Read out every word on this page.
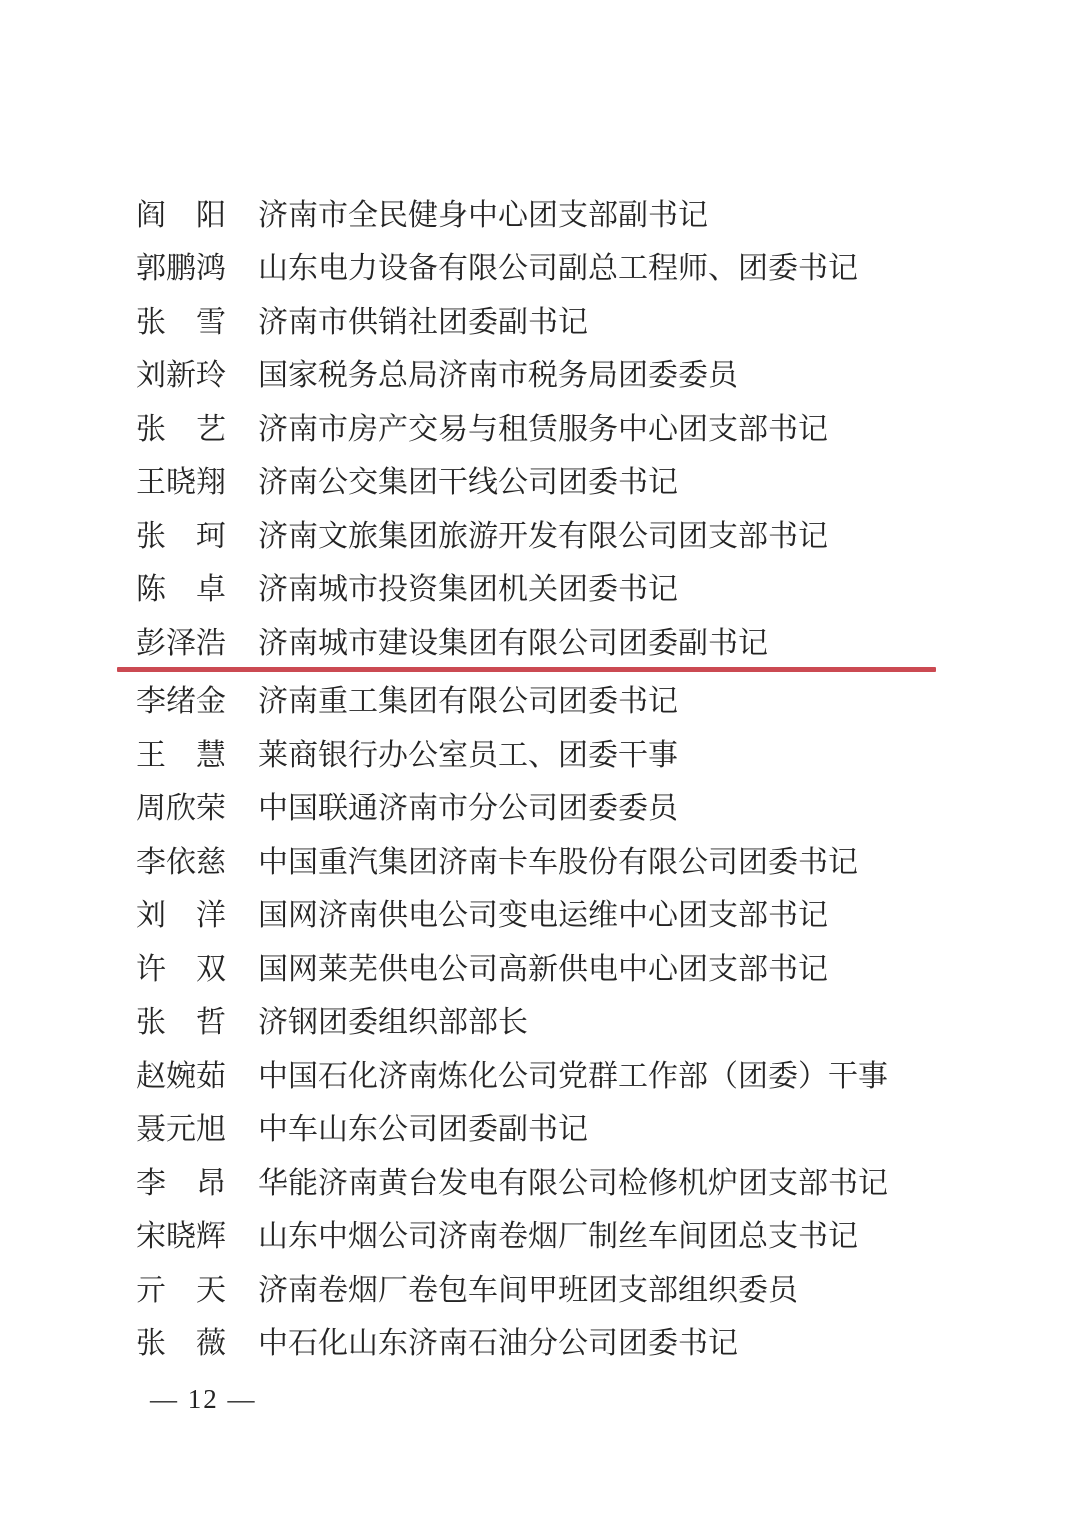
阎　阳 济南市全民健身中心团支部副书记
郭鹏鸿 山东电力设备有限公司副总工程师、团委书记
张　雪 济南市供销社团委副书记
刘新玲 国家税务总局济南市税务局团委委员
张　艺 济南市房产交易与租赁服务中心团支部书记
王晓翔 济南公交集团干线公司团委书记
张　珂 济南文旅集团旅游开发有限公司团支部书记
陈　卓 济南城市投资集团机关团委书记
彭泽浩 济南城市建设集团有限公司团委副书记
李绪金 济南重工集团有限公司团委书记
王　慧 莱商银行办公室员工、团委干事
周欣荣 中国联通济南市分公司团委委员
李依慈 中国重汽集团济南卡车股份有限公司团委书记
刘　洋 国网济南供电公司变电运维中心团支部书记
许　双 国网莱芜供电公司高新供电中心团支部书记
张　哲 济钢团委组织部部长
赵婉茹 中国石化济南炼化公司党群工作部（团委）干事
聂元旭 中车山东公司团委副书记
李　昂 华能济南黄台发电有限公司检修机炉团支部书记
宋晓辉 山东中烟公司济南卷烟厂制丝车间团总支书记
亓　天 济南卷烟厂卷包车间甲班团支部组织委员
张　薇 中石化山东济南石油分公司团委书记
— 12 —
